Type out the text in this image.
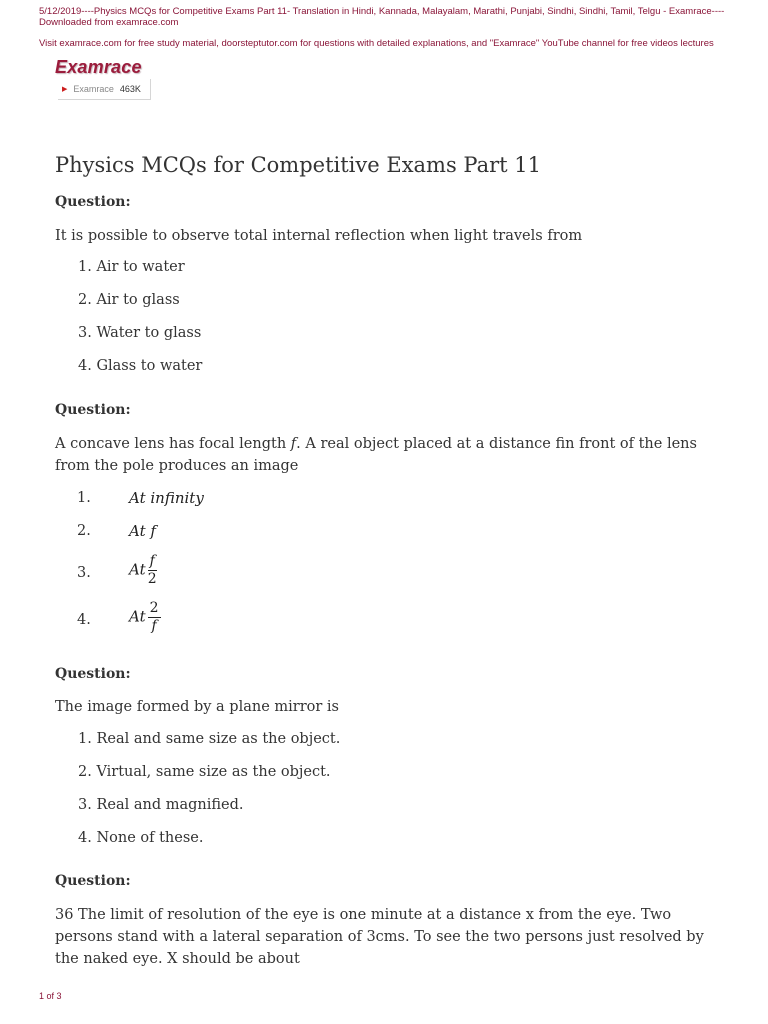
5/12/2019----Physics MCQs for Competitive Exams Part 11- Translation in Hindi, Kannada, Malayalam, Marathi, Punjabi, Sindhi, Sindhi, Tamil, Telgu - Examrace----Downloaded from examrace.com
Visit examrace.com for free study material, doorsteptutor.com for questions with detailed explanations, and "Examrace" YouTube channel for free videos lectures
Examrace
▶ Examrace 463K
Physics MCQs for Competitive Exams Part 11
Question:
It is possible to observe total internal reflection when light travels from
1. Air to water
2. Air to glass
3. Water to glass
4. Glass to water
Question:
A concave lens has focal length f. A real object placed at a distance fin front of the lens from the pole produces an image
1.	At infinity
2.	At f
3.	At $\frac{f}{2}$
4.	At $\frac{2}{f}$
Question:
The image formed by a plane mirror is
1. Real and same size as the object.
2. Virtual, same size as the object.
3. Real and magnified.
4. None of these.
Question:
36 The limit of resolution of the eye is one minute at a distance x from the eye. Two persons stand with a lateral separation of 3cms. To see the two persons just resolved by the naked eye. X should be about
1 of 3
